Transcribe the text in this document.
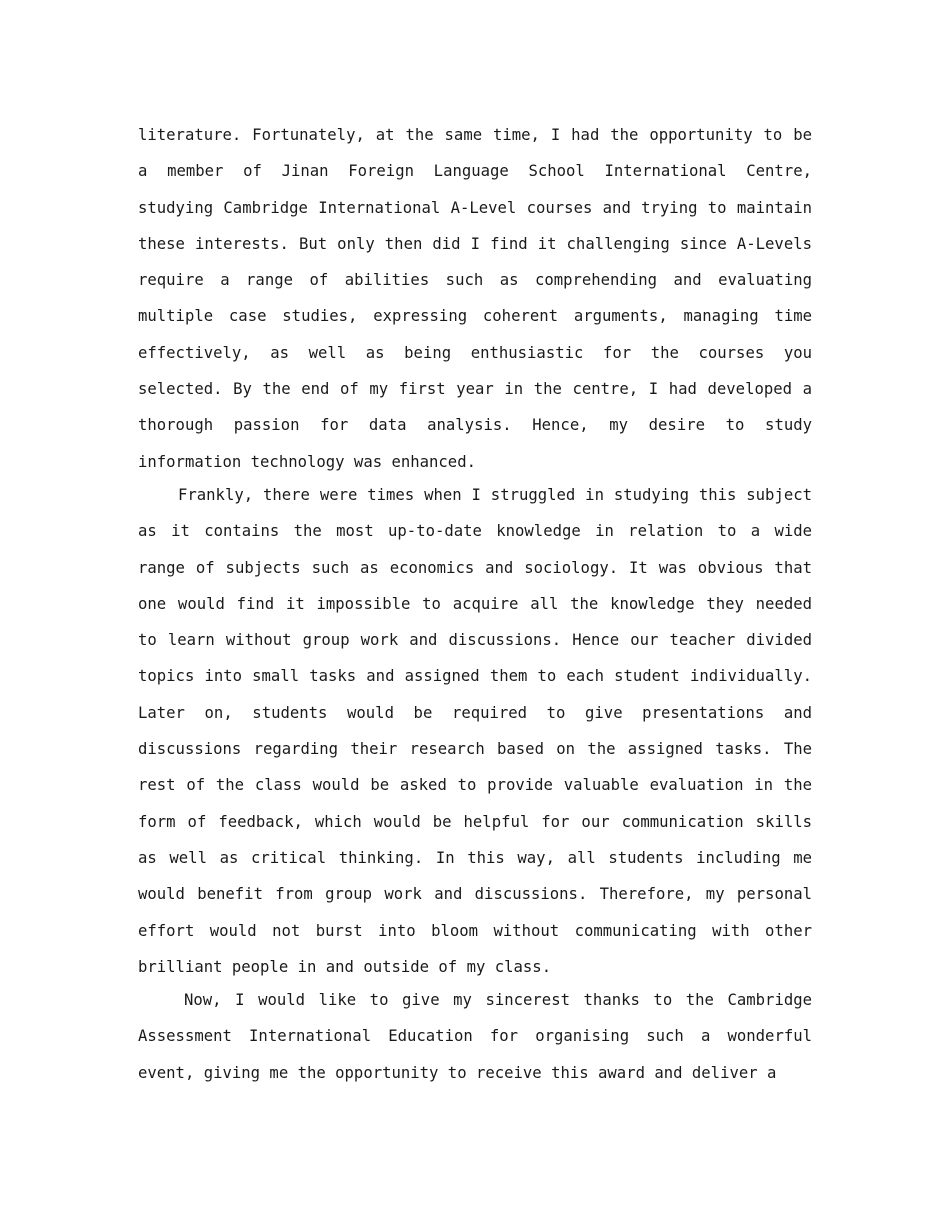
literature. Fortunately, at the same time, I had the opportunity to be a member of Jinan Foreign Language School International Centre, studying Cambridge International A-Level courses and trying to maintain these interests. But only then did I find it challenging since A-Levels require a range of abilities such as comprehending and evaluating multiple case studies, expressing coherent arguments, managing time effectively, as well as being enthusiastic for the courses you selected. By the end of my first year in the centre, I had developed a thorough passion for data analysis. Hence, my desire to study information technology was enhanced.

Frankly, there were times when I struggled in studying this subject as it contains the most up-to-date knowledge in relation to a wide range of subjects such as economics and sociology. It was obvious that one would find it impossible to acquire all the knowledge they needed to learn without group work and discussions. Hence our teacher divided topics into small tasks and assigned them to each student individually. Later on, students would be required to give presentations and discussions regarding their research based on the assigned tasks. The rest of the class would be asked to provide valuable evaluation in the form of feedback, which would be helpful for our communication skills as well as critical thinking. In this way, all students including me would benefit from group work and discussions. Therefore, my personal effort would not burst into bloom without communicating with other brilliant people in and outside of my class.

Now, I would like to give my sincerest thanks to the Cambridge Assessment International Education for organising such a wonderful event, giving me the opportunity to receive this award and deliver a
